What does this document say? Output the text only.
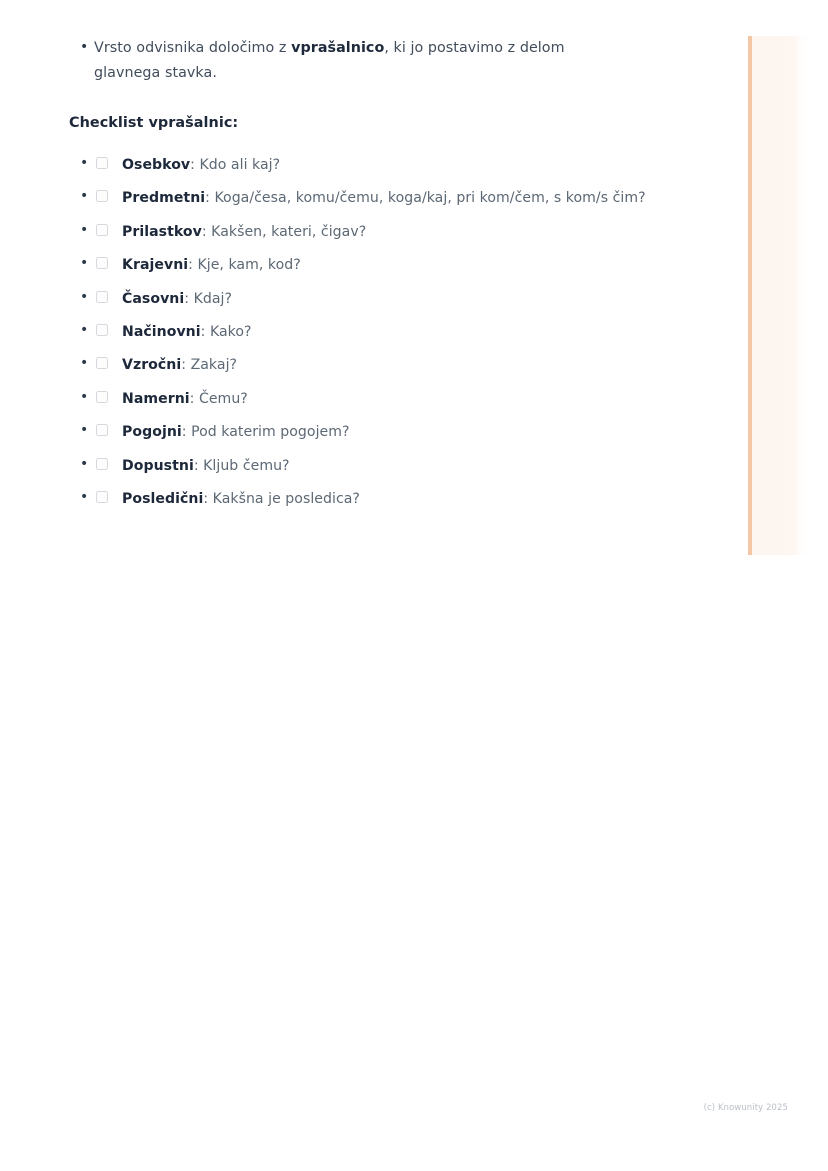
• Vrsto odvisnika določimo z vprašalnico, ki jo postavimo z delom glavnega stavka.
Checklist vprašalnic:
• Osebkov: Kdo ali kaj?
• Predmetni: Koga/česa, komu/čemu, koga/kaj, pri kom/čem, s kom/s čim?
• Prilastkov: Kakšen, kateri, čigav?
• Krajevni: Kje, kam, kod?
• Časovni: Kdaj?
• Načinovni: Kako?
• Vzročni: Zakaj?
• Namerni: Čemu?
• Pogojni: Pod katerim pogojem?
• Dopustni: Kljub čemu?
• Posledični: Kakšna je posledica?
(c) Knowunity 2025
